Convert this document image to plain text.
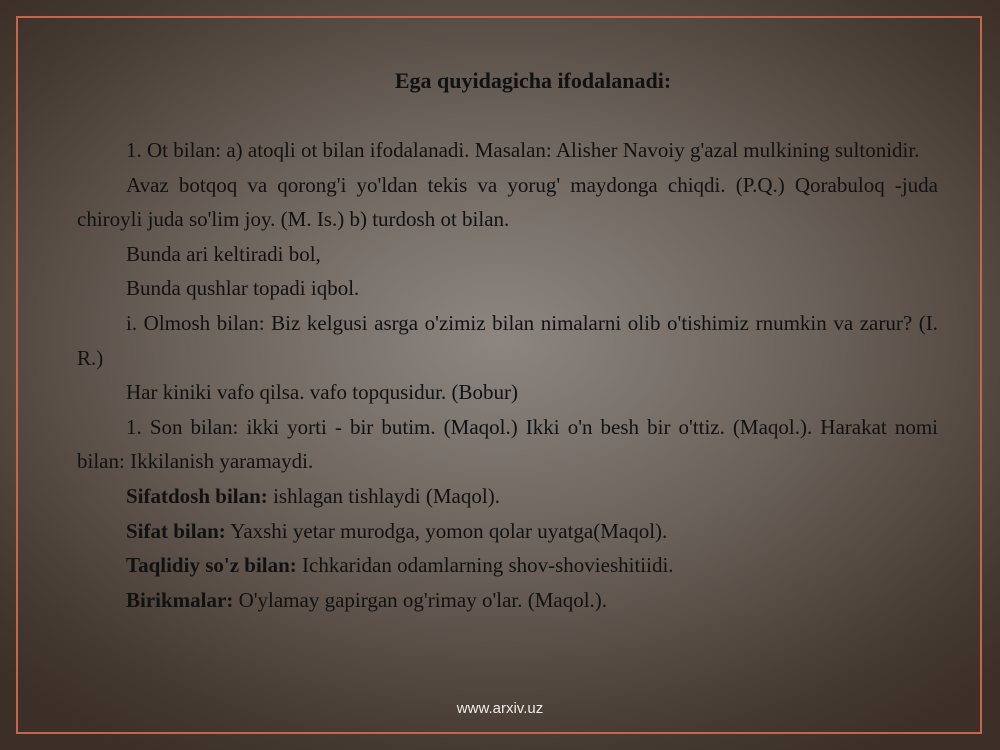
Ega quyidagicha ifodalanadi:

1. Ot bilan: a) atoqli ot bilan ifodalanadi. Masalan: Alisher Navoiy g'azal mulkining sultonidir.

Avaz botqoq va qorong'i yo'ldan tekis va yorug' maydonga chiqdi. (P.Q.) Qorabuloq -juda chiroyli juda so'lim joy. (M. Is.) b) turdosh ot bilan.

Bunda ari keltiradi bol,

Bunda qushlar topadi iqbol.

i. Olmosh bilan: Biz kelgusi asrga o'zimiz bilan nimalarni olib o'tishimiz rnumkin va zarur? (I. R.)

Har kiniki vafo qilsa. vafo topqusidur. (Bobur)

1. Son bilan: ikki yorti - bir butim. (Maqol.) Ikki o'n besh bir o'ttiz. (Maqol.). Harakat nomi bilan: Ikkilanish yaramaydi.

Sifatdosh bilan: ishlagan tishlaydi (Maqol).

Sifat bilan: Yaxshi yetar murodga, yomon qolar uyatga(Maqol).

Taqlidiy so'z bilan: Ichkaridan odamlarning shov-shovieshitiidi.

Birikmalar: O'ylamay gapirgan og'rimay o'lar. (Maqol.).

www.arxiv.uz
